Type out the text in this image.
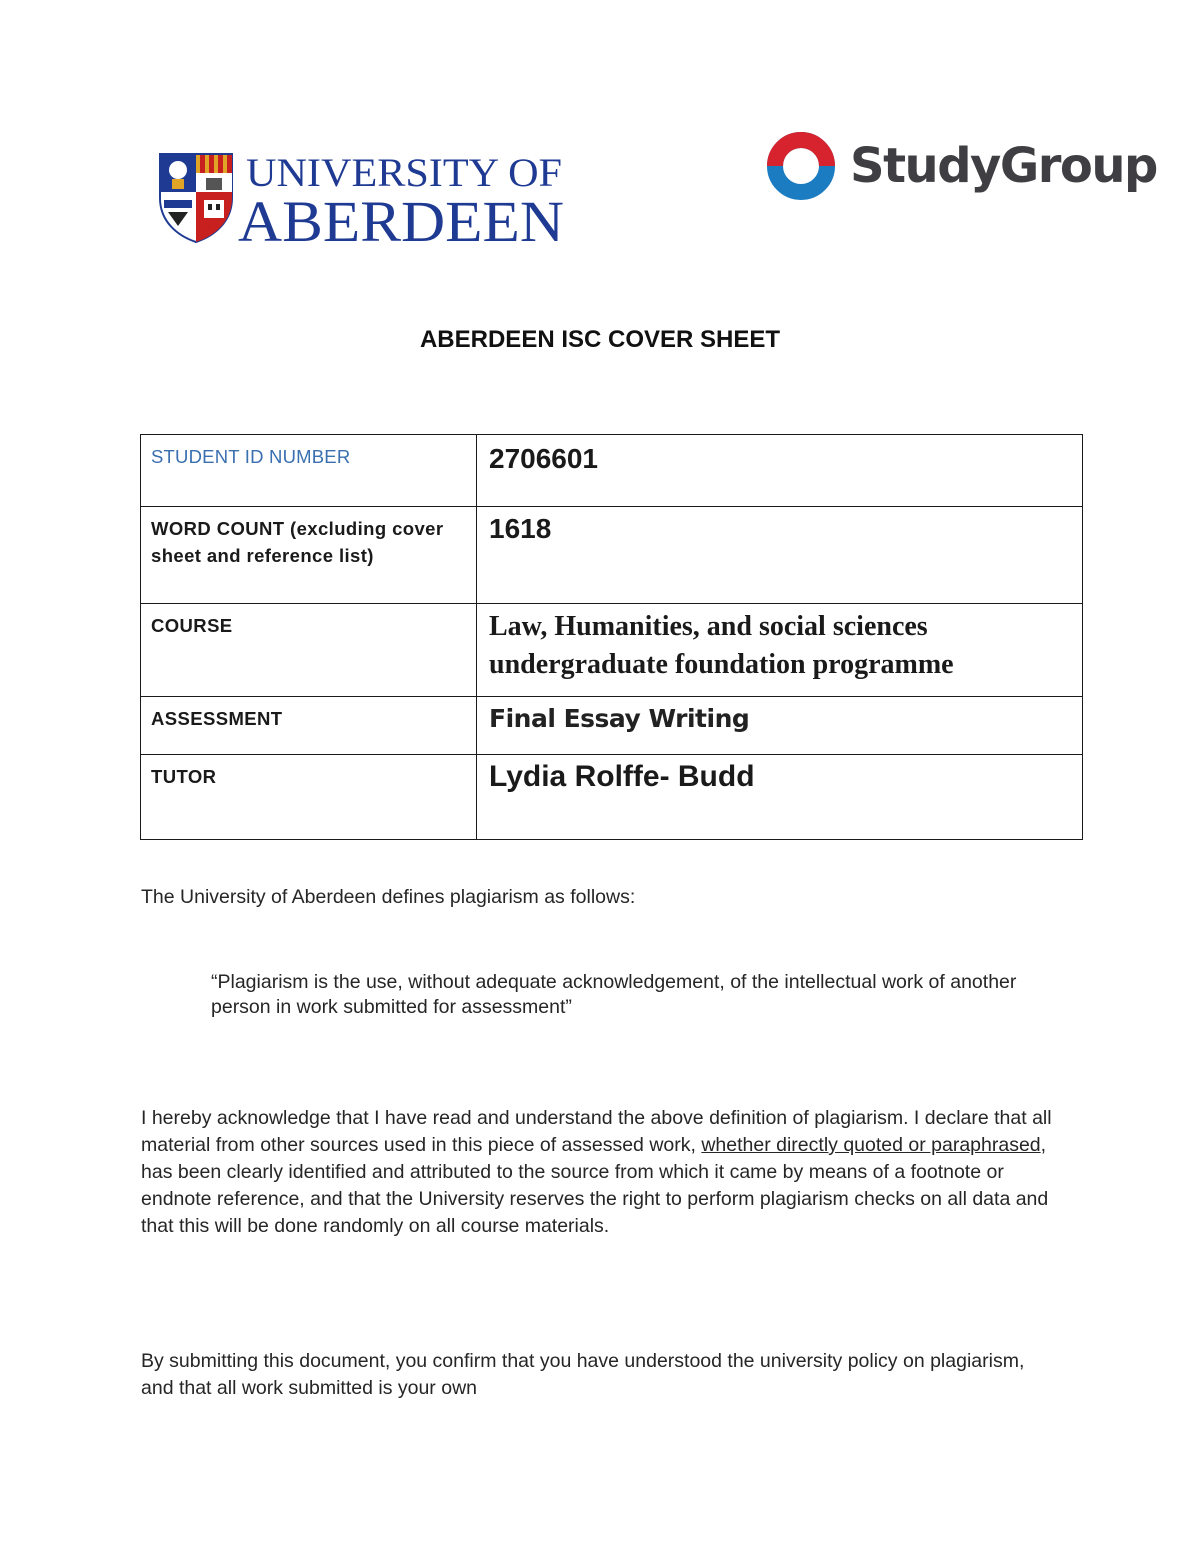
UNIVERSITY OF
ABERDEEN
StudyGroup
ABERDEEN ISC COVER SHEET
STUDENT ID NUMBER	2706601

WORD COUNT (excluding cover sheet and reference list)	1618

COURSE	Law, Humanities, and social sciences
undergraduate foundation programme

ASSESSMENT	Final Essay Writing

TUTOR	Lydia Rolffe- Budd
The University of Aberdeen defines plagiarism as follows:
“Plagiarism is the use, without adequate acknowledgement, of the intellectual work of another person in work submitted for assessment”
I hereby acknowledge that I have read and understand the above definition of plagiarism. I declare that all material from other sources used in this piece of assessed work, whether directly quoted or paraphrased, has been clearly identified and attributed to the source from which it came by means of a footnote or endnote reference, and that the University reserves the right to perform plagiarism checks on all data and that this will be done randomly on all course materials.
By submitting this document, you confirm that you have understood the university policy on plagiarism, and that all work submitted is your own
